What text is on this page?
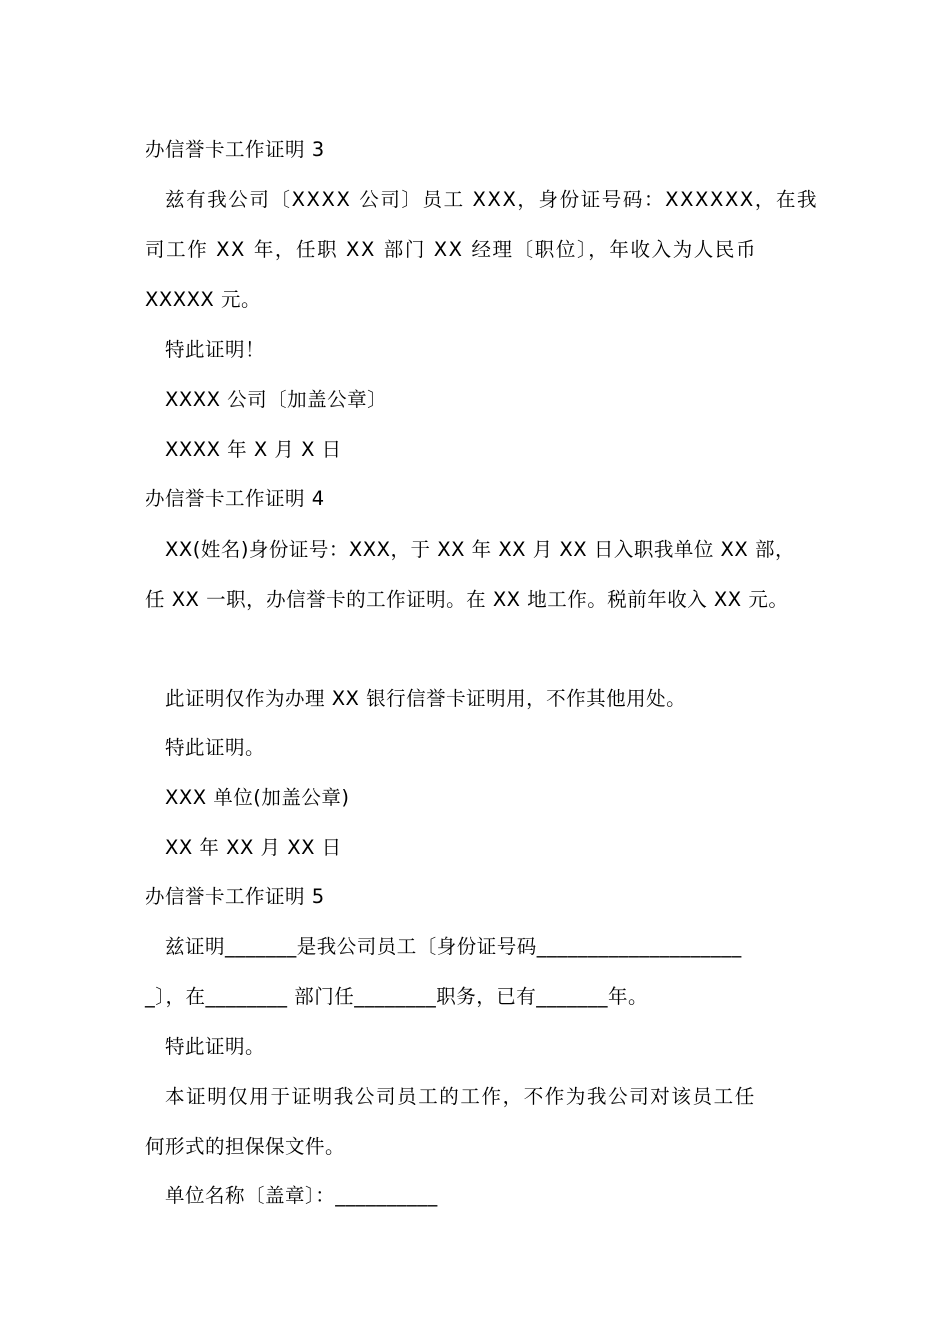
办信誉卡工作证明 3
兹有我公司〔XXXX 公司〕员工 XXX，身份证号码：XXXXXX，在我
司工作 XX 年，任职 XX 部门 XX 经理〔职位〕，年收入为人民币
XXXXX 元。
特此证明！
XXXX 公司〔加盖公章〕
XXXX 年 X 月 X 日
办信誉卡工作证明 4
XX(姓名)身份证号：XXX，于 XX 年 XX 月 XX 日入职我单位 XX 部，
任 XX 一职，办信誉卡的工作证明。在 XX 地工作。税前年收入 XX 元。
此证明仅作为办理 XX 银行信誉卡证明用，不作其他用处。
特此证明。
XXX 单位(加盖公章)
XX 年 XX 月 XX 日
办信誉卡工作证明 5
兹证明_______是我公司员工〔身份证号码____________________
_〕，在________ 部门任________职务，已有_______年。
特此证明。
本证明仅用于证明我公司员工的工作，不作为我公司对该员工任
何形式的担保保文件。
单位名称〔盖章〕：__________
